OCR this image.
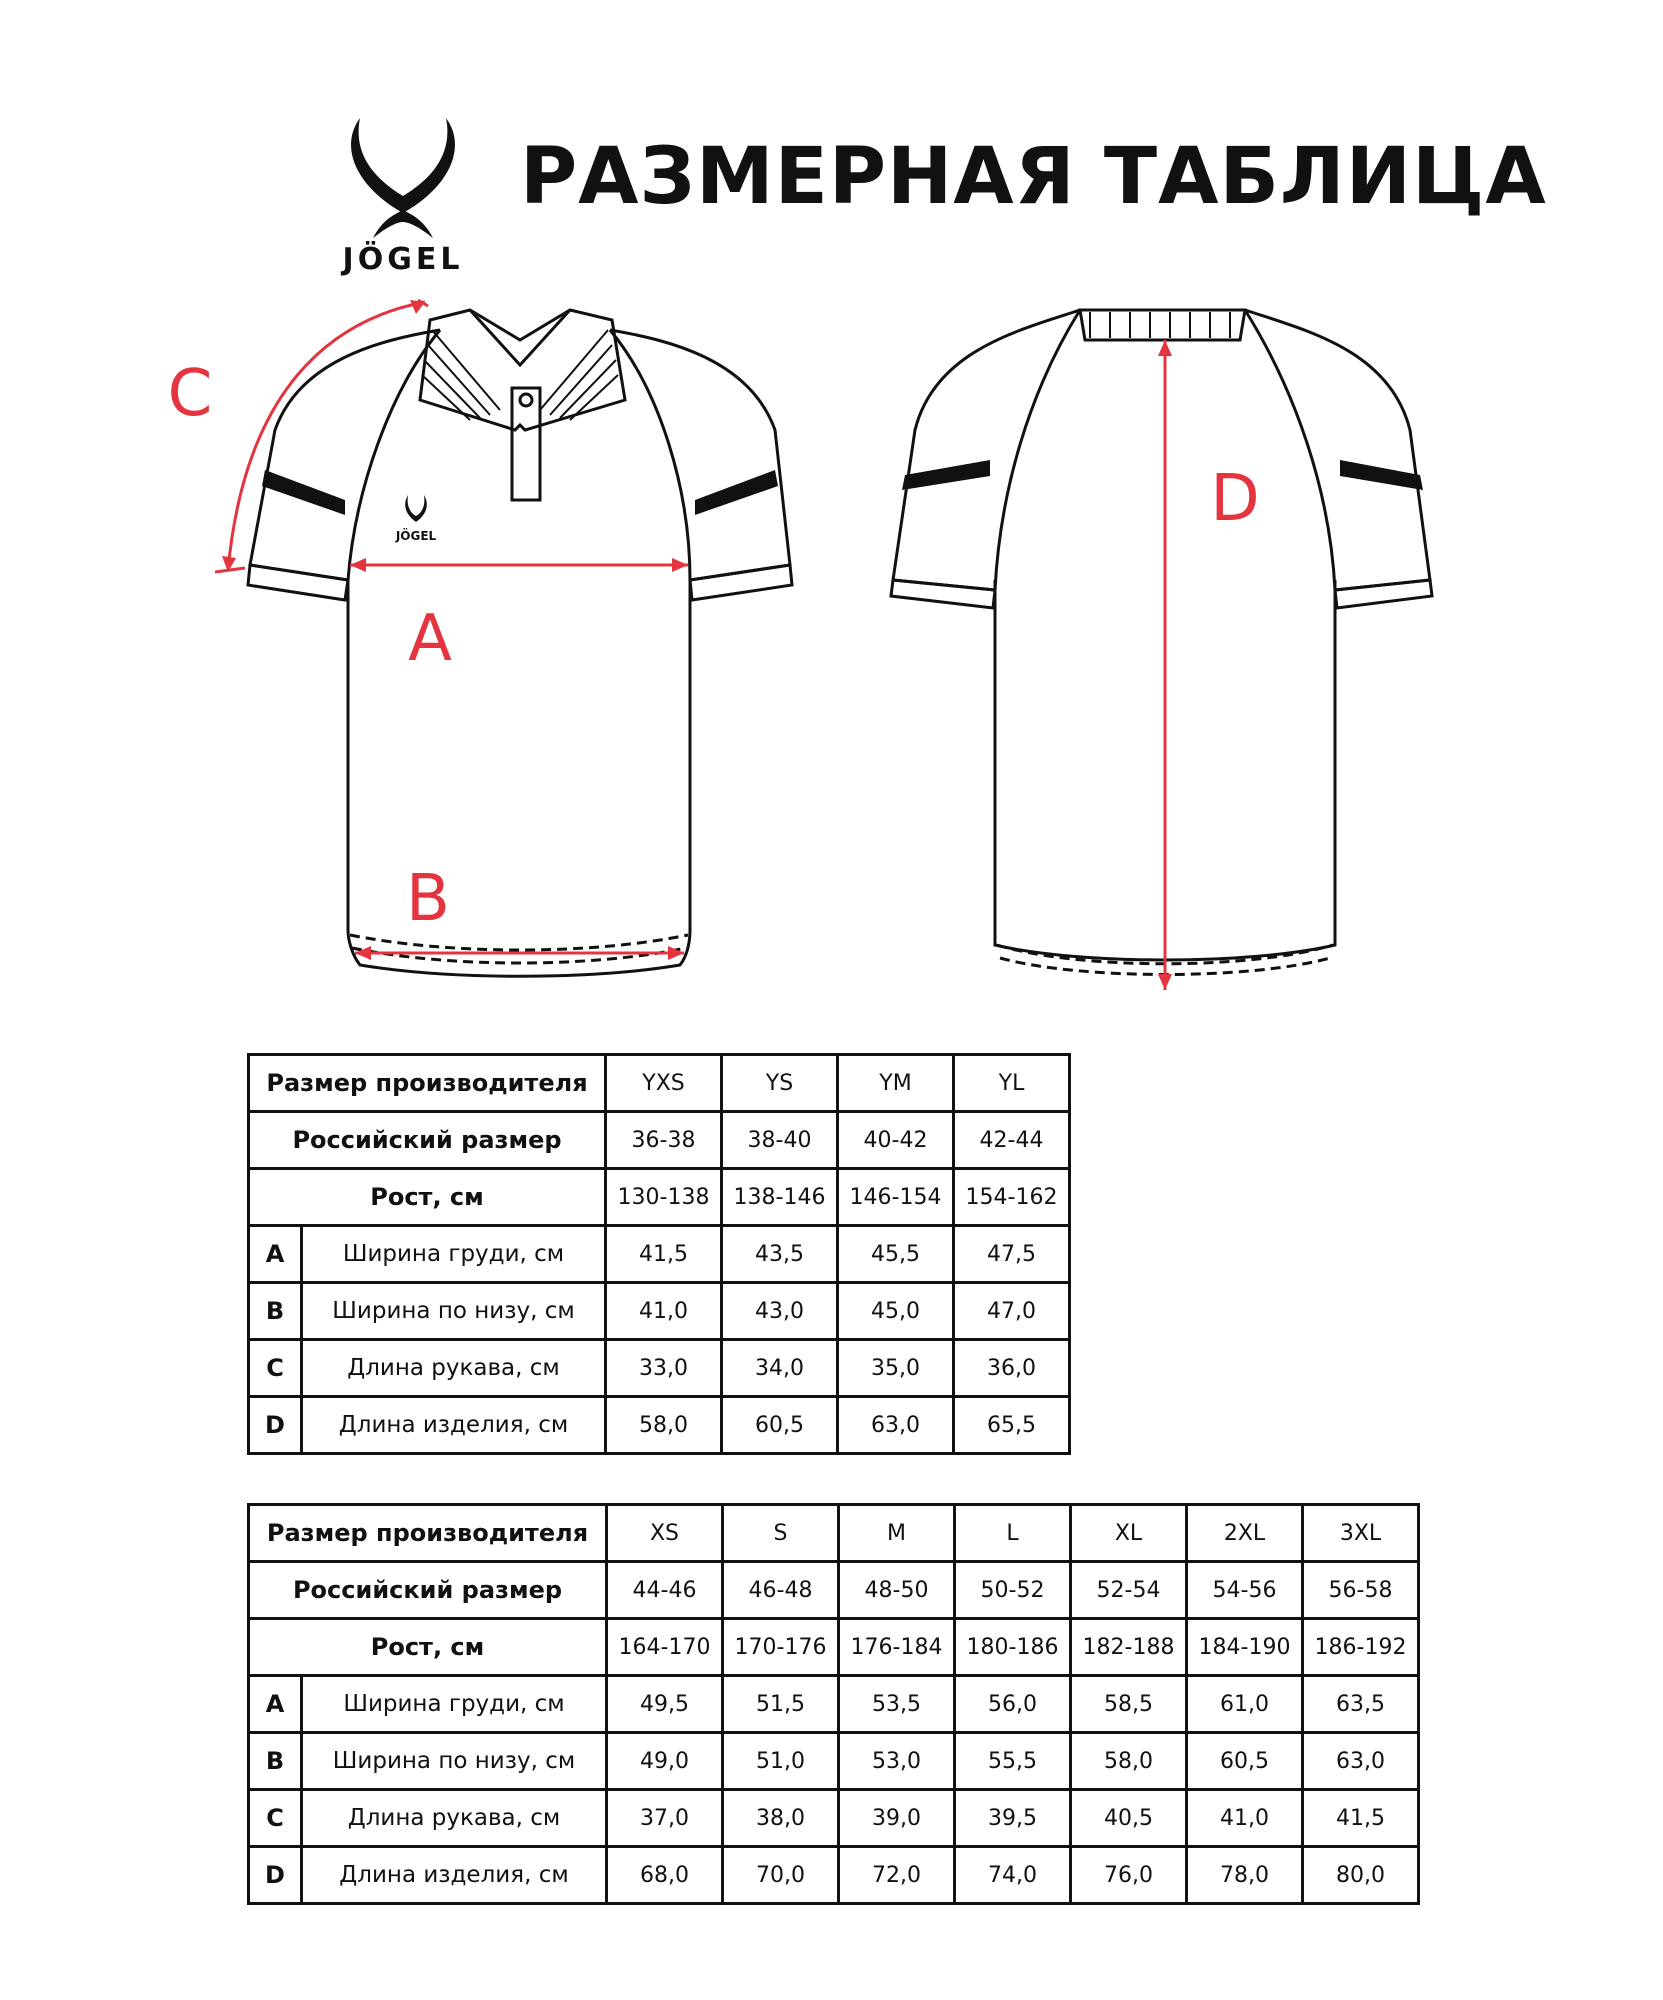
JÖGEL
РАЗМЕРНАЯ ТАБЛИЦА
JÖGEL
C
A
B
D
Размер производителя		YXS	YS	YM	YL
Российский размер		36-38	38-40	40-42	42-44
Рост, см		130-138	138-146	146-154	154-162
A	Ширина груди, см	41,5	43,5	45,5	47,5
B	Ширина по низу, см	41,0	43,0	45,0	47,0
C	Длина рукава, см	33,0	34,0	35,0	36,0
D	Длина изделия, см	58,0	60,5	63,0	65,5
Размер производителя		XS	S	M	L	XL	2XL	3XL
Российский размер		44-46	46-48	48-50	50-52	52-54	54-56	56-58
Рост, см		164-170	170-176	176-184	180-186	182-188	184-190	186-192
A	Ширина груди, см	49,5	51,5	53,5	56,0	58,5	61,0	63,5
B	Ширина по низу, см	49,0	51,0	53,0	55,5	58,0	60,5	63,0
C	Длина рукава, см	37,0	38,0	39,0	39,5	40,5	41,0	41,5
D	Длина изделия, см	68,0	70,0	72,0	74,0	76,0	78,0	80,0
